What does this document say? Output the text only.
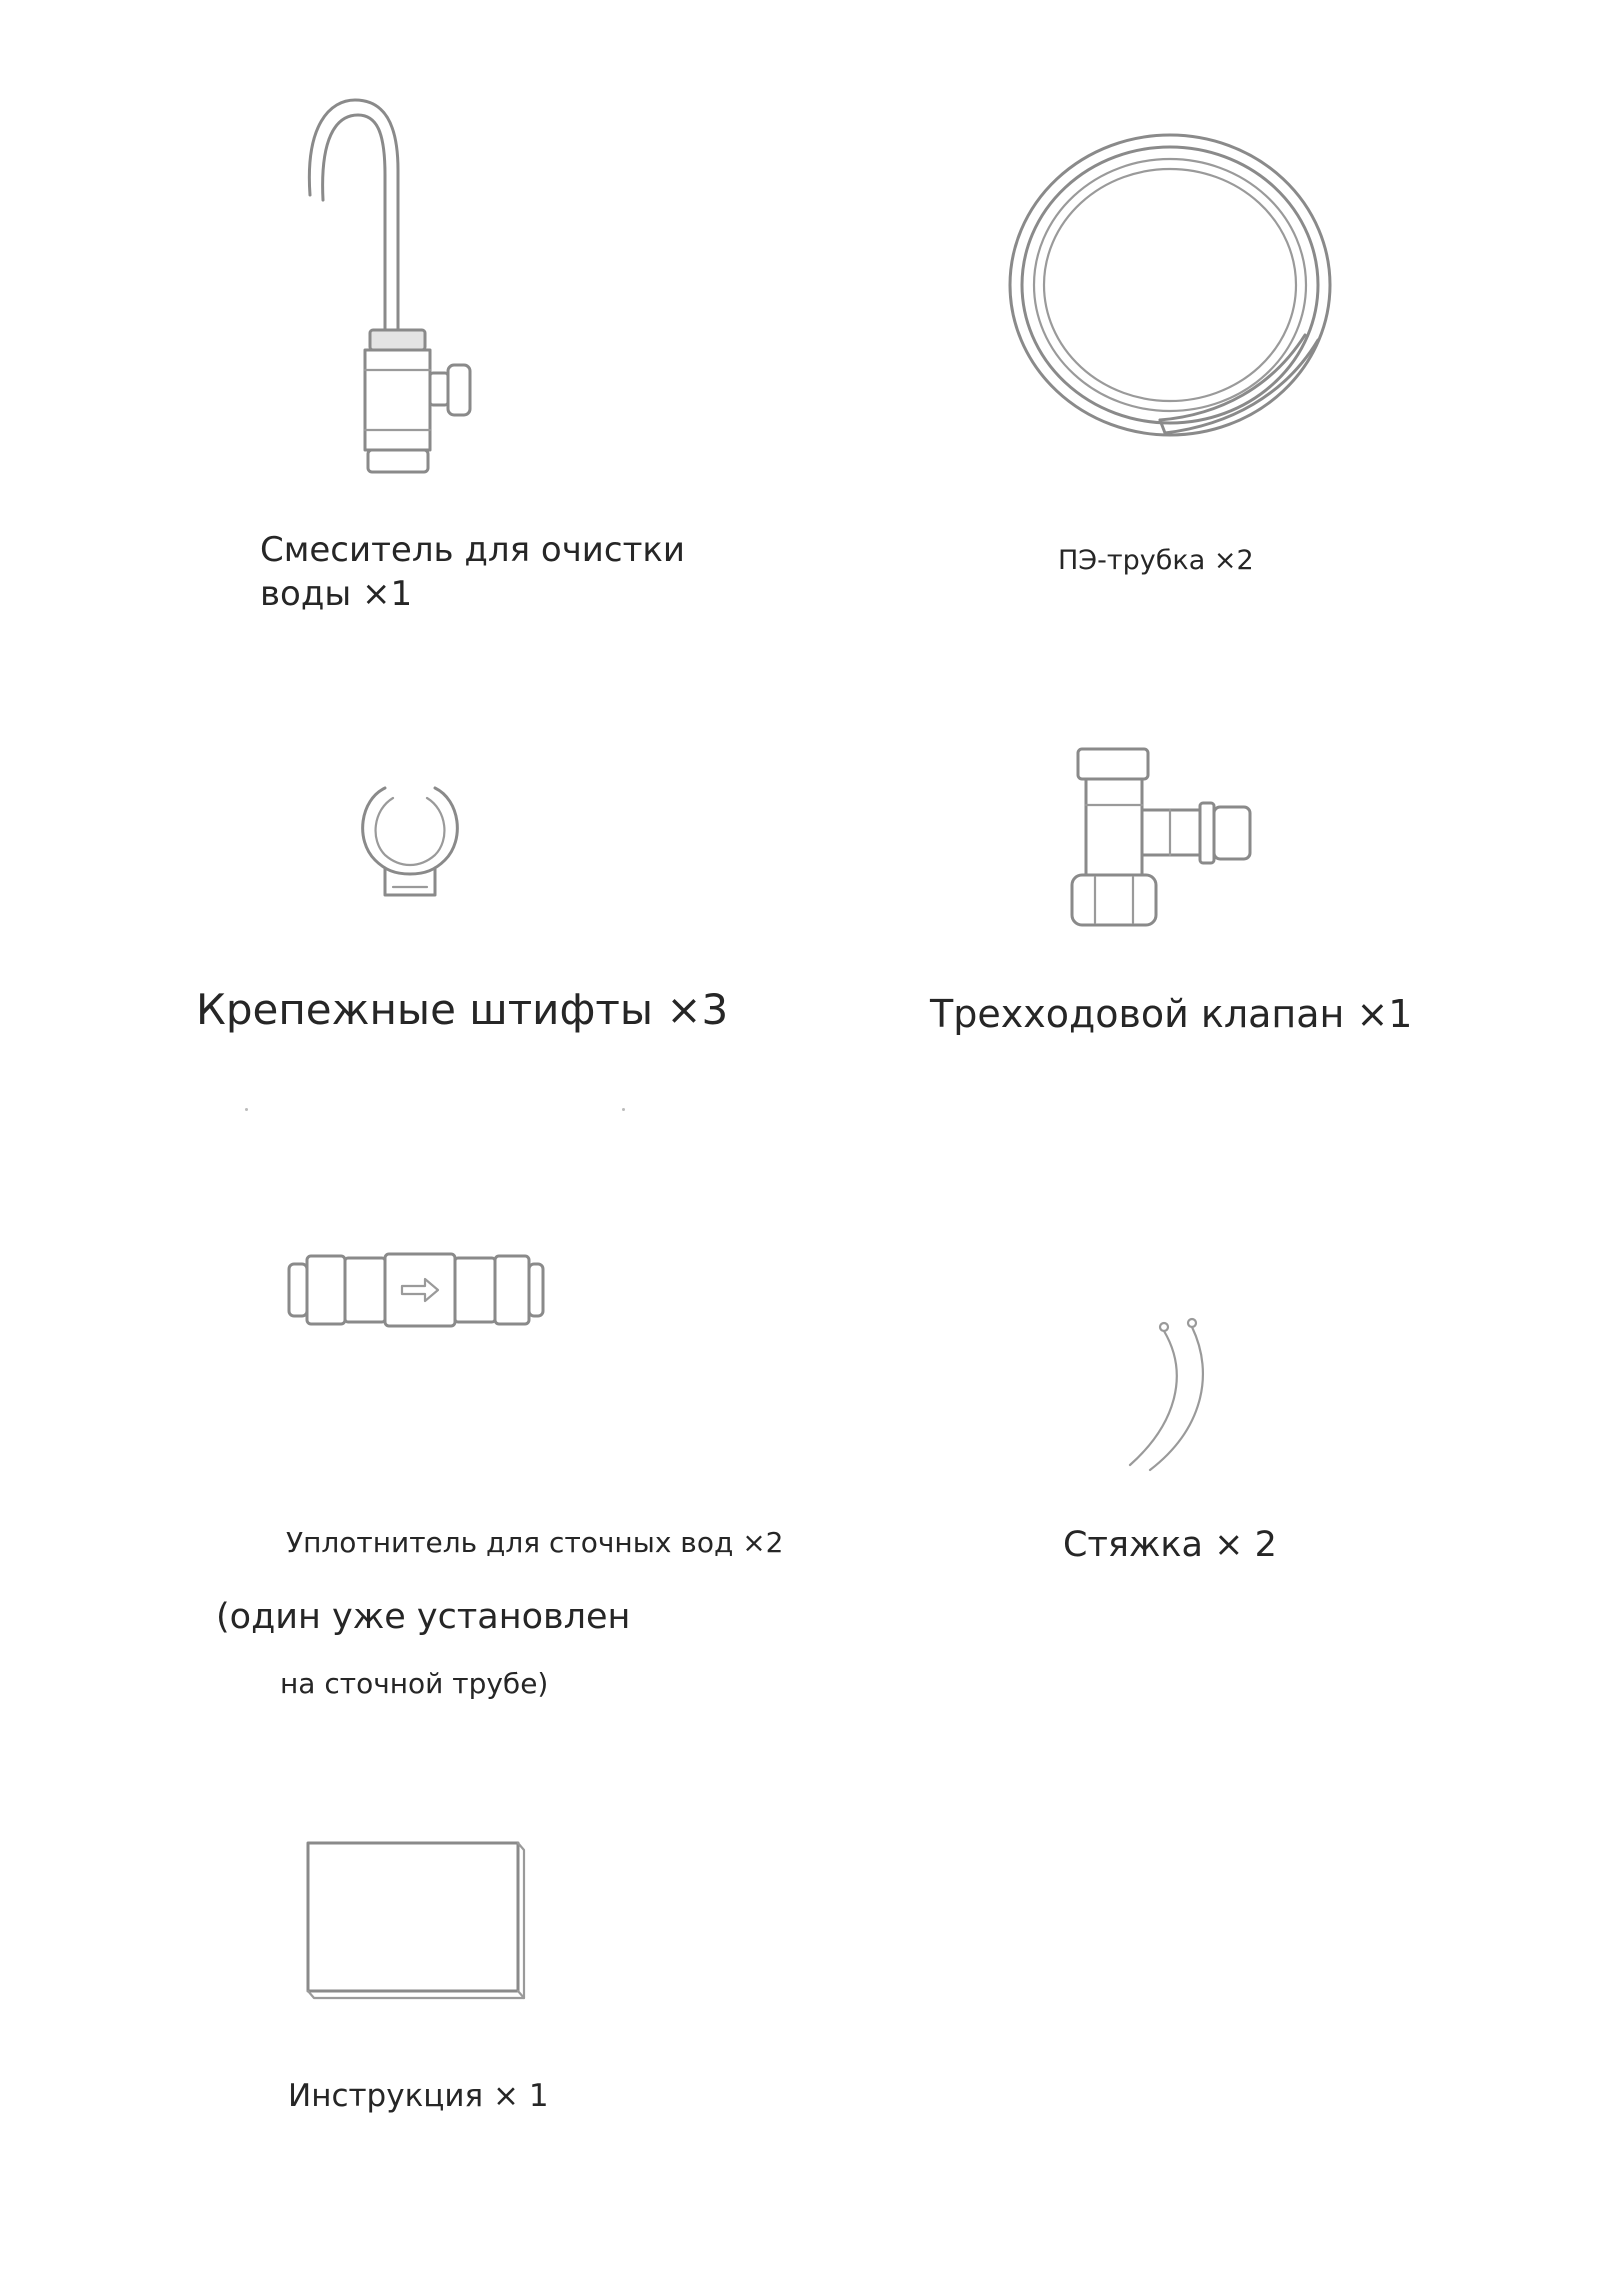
Смеситель для очистки
воды ×1
ПЭ-трубка ×2
Крепежные штифты ×3	Трехходовой клапан ×1
Уплотнитель для сточных вод ×2
(один уже установлен
на сточной трубе)
Стяжка × 2
Инструкция × 1
